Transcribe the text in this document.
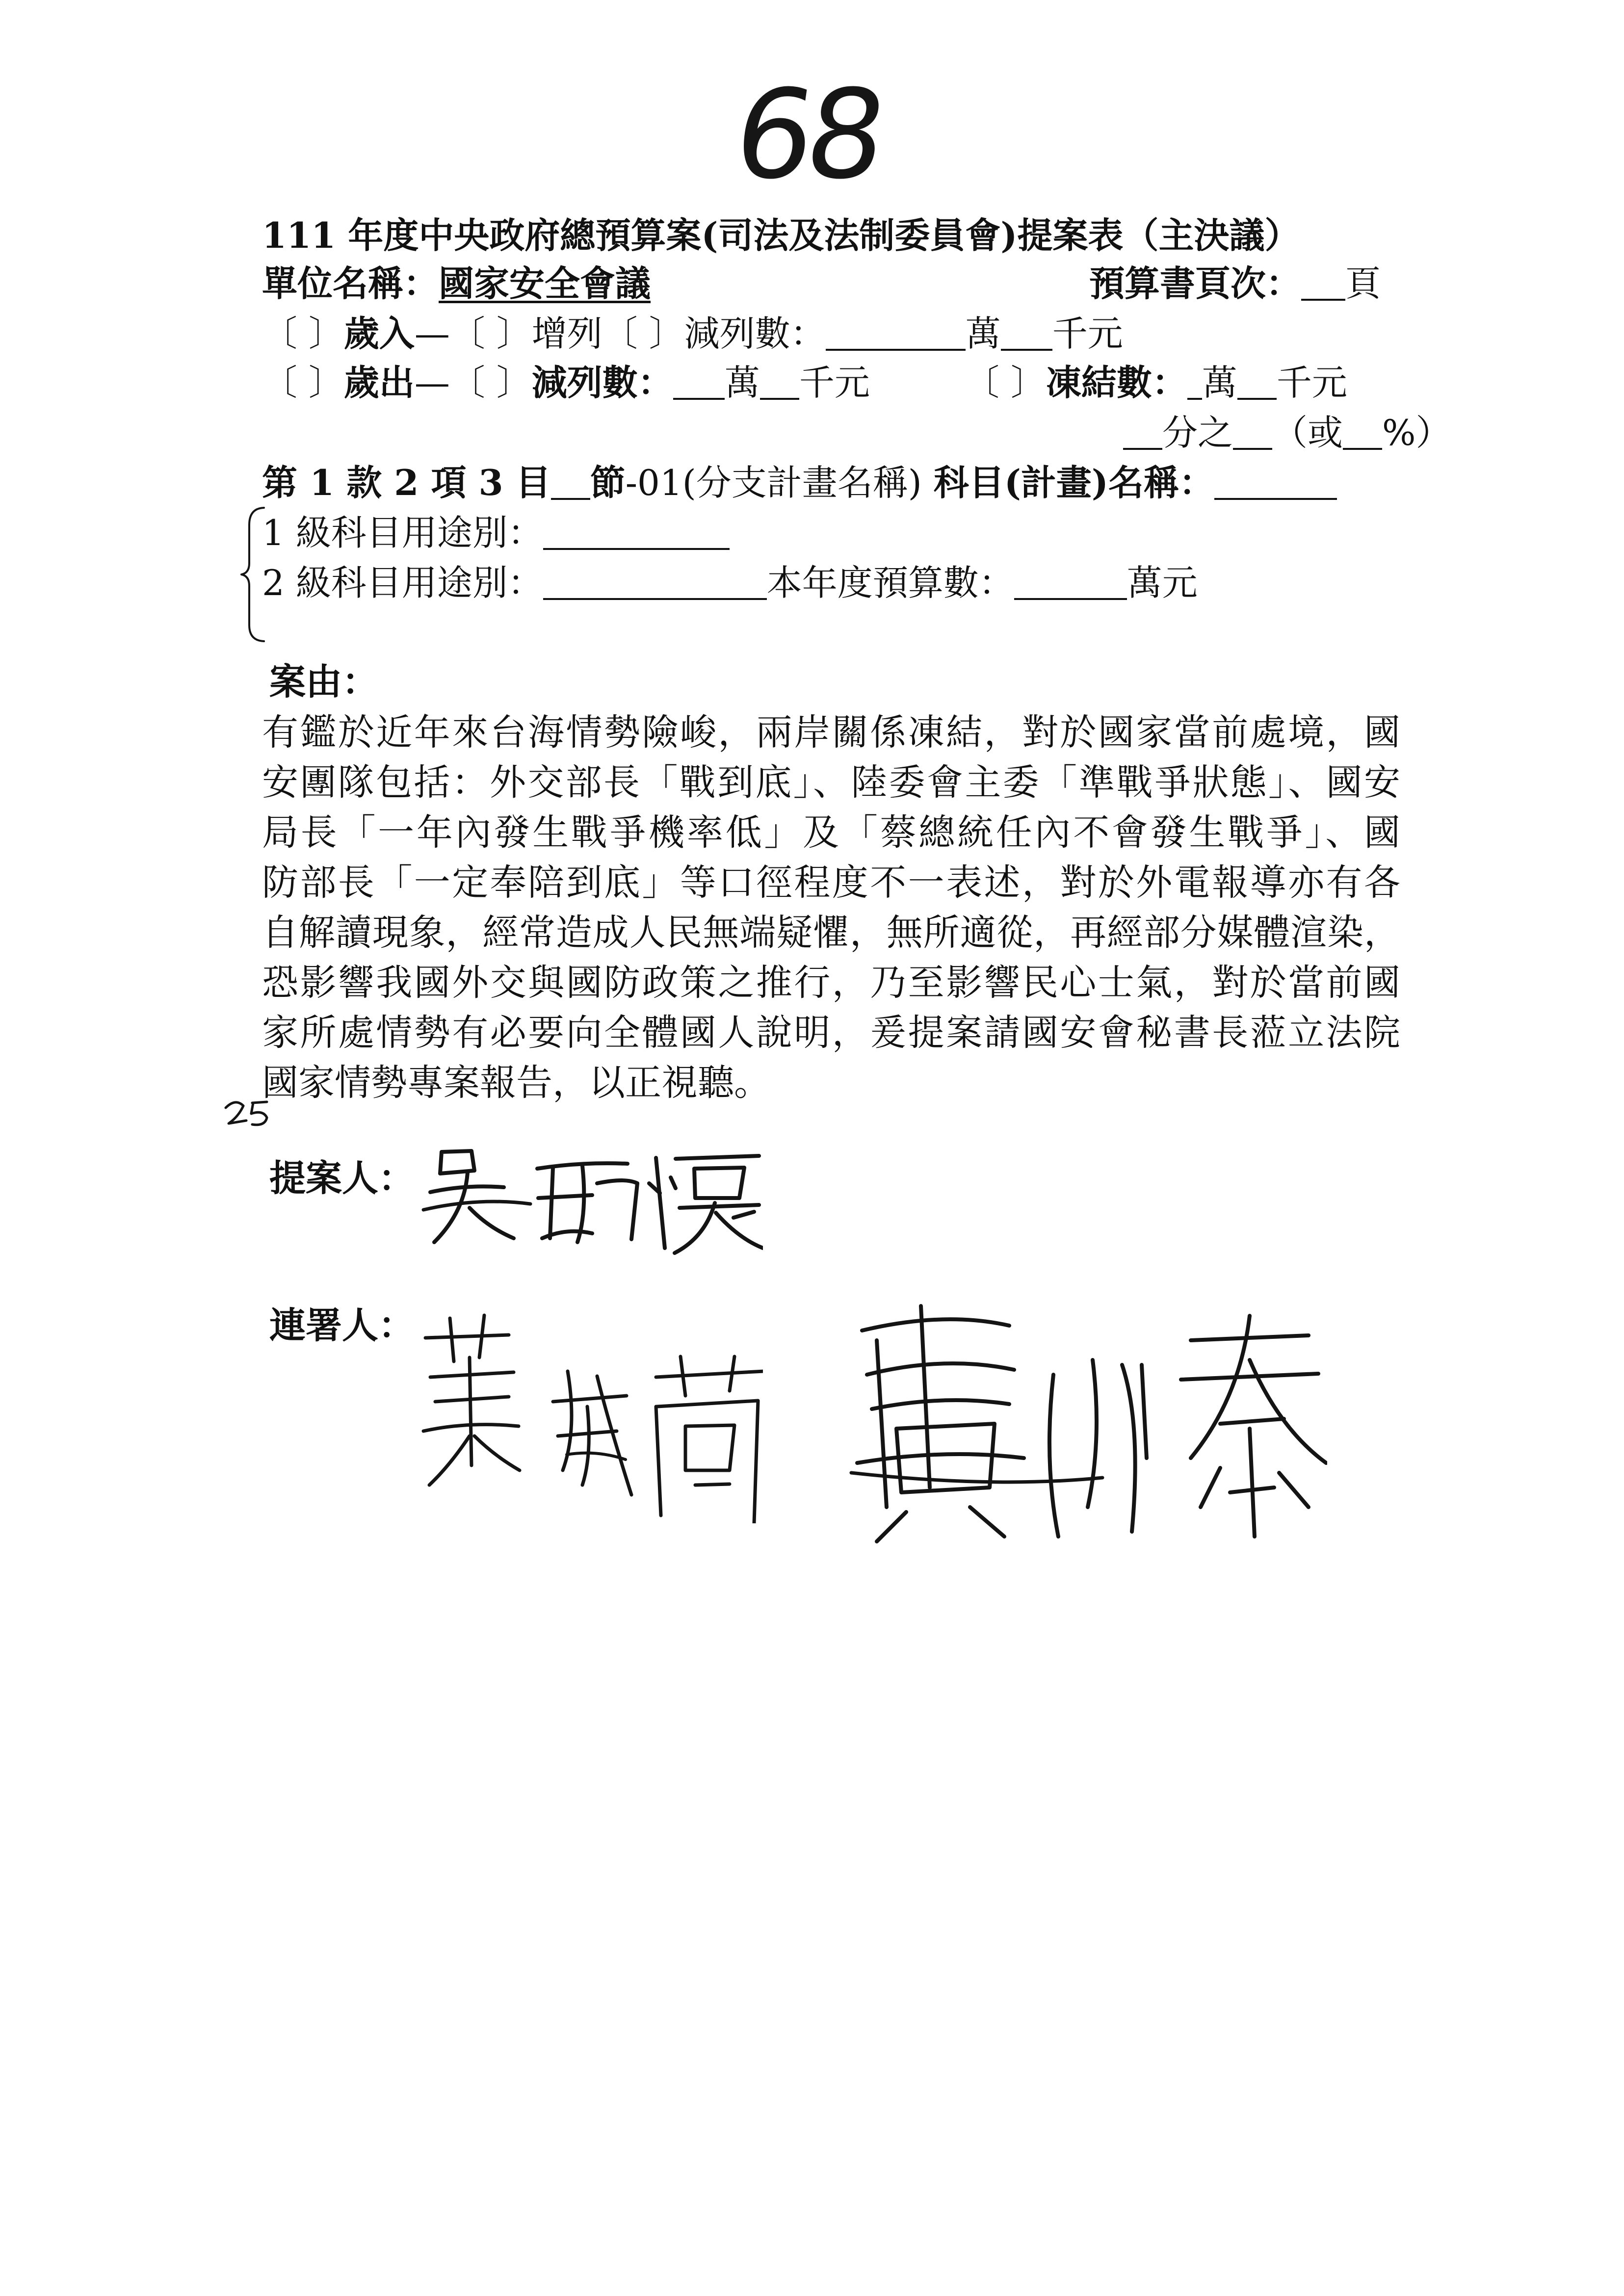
68
111 年度中央政府總預算案(司法及法制委員會)提案表（主決議）
單位名稱：國家安全會議	預算書頁次： 頁
〔 〕歲入—〔 〕增列〔 〕減列數：	萬 千元
〔 〕歲出—〔 〕減列數： 萬 千元	〔 〕凍結數： 萬 千元
分之 （或 %）
第 1 款 2 項 3 目 節-01(分支計畫名稱) 科目(計畫)名稱：
1 級科目用途別：
2 級科目用途別：	本年度預算數：	萬元
案由：
有鑑於近年來台海情勢險峻，兩岸關係凍結，對於國家當前處境，國
安團隊包括：外交部長「戰到底」、陸委會主委「準戰爭狀態」、國安
局長「一年內發生戰爭機率低」及「蔡總統任內不會發生戰爭」、國
防部長「一定奉陪到底」等口徑程度不一表述，對於外電報導亦有各
自解讀現象，經常造成人民無端疑懼，無所適從，再經部分媒體渲染，
恐影響我國外交與國防政策之推行，乃至影響民心士氣，對於當前國
家所處情勢有必要向全體國人說明，爰提案請國安會秘書長蒞立法院
國家情勢專案報告，以正視聽。
提案人：
連署人：
